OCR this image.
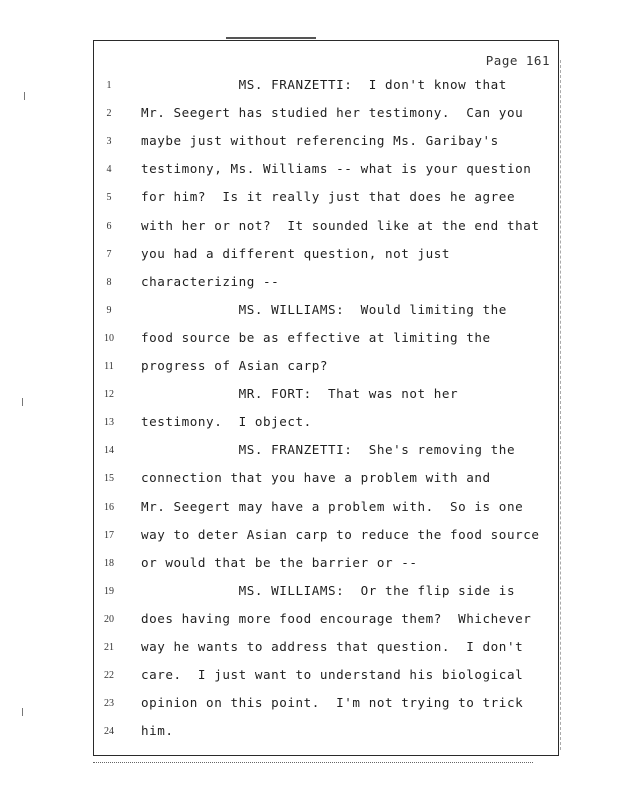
Page 161
1	MS. FRANZETTI:  I don't know that
2	Mr. Seegert has studied her testimony.  Can you
3	maybe just without referencing Ms. Garibay's
4	testimony, Ms. Williams -- what is your question
5	for him?  Is it really just that does he agree
6	with her or not?  It sounded like at the end that
7	you had a different question, not just
8	characterizing --
9	MS. WILLIAMS:  Would limiting the
10	food source be as effective at limiting the
11	progress of Asian carp?
12	MR. FORT:  That was not her
13	testimony.  I object.
14	MS. FRANZETTI:  She's removing the
15	connection that you have a problem with and
16	Mr. Seegert may have a problem with.  So is one
17	way to deter Asian carp to reduce the food source
18	or would that be the barrier or --
19	MS. WILLIAMS:  Or the flip side is
20	does having more food encourage them?  Whichever
21	way he wants to address that question.  I don't
22	care.  I just want to understand his biological
23	opinion on this point.  I'm not trying to trick
24	him.
